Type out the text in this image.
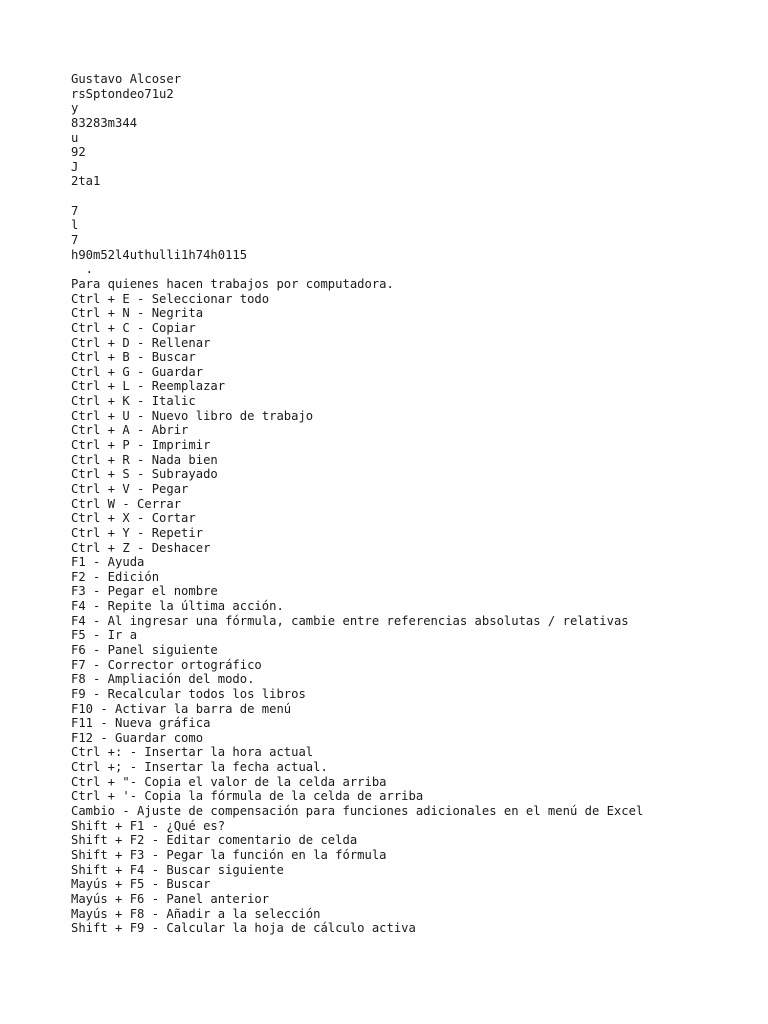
Gustavo Alcoser
rsSptondeo71u2
y
83283m344
u
92
J
2ta1
7
l
7
h90m52l4uthulli1h74h0115
.
Para quienes hacen trabajos por computadora.
Ctrl + E - Seleccionar todo
Ctrl + N - Negrita
Ctrl + C - Copiar
Ctrl + D - Rellenar
Ctrl + B - Buscar
Ctrl + G - Guardar
Ctrl + L - Reemplazar
Ctrl + K - Italic
Ctrl + U - Nuevo libro de trabajo
Ctrl + A - Abrir
Ctrl + P - Imprimir
Ctrl + R - Nada bien
Ctrl + S - Subrayado
Ctrl + V - Pegar
Ctrl W - Cerrar
Ctrl + X - Cortar
Ctrl + Y - Repetir
Ctrl + Z - Deshacer
F1 - Ayuda
F2 - Edición
F3 - Pegar el nombre
F4 - Repite la última acción.
F4 - Al ingresar una fórmula, cambie entre referencias absolutas / relativas
F5 - Ir a
F6 - Panel siguiente
F7 - Corrector ortográfico
F8 - Ampliación del modo.
F9 - Recalcular todos los libros
F10 - Activar la barra de menú
F11 - Nueva gráfica
F12 - Guardar como
Ctrl +: - Insertar la hora actual
Ctrl +; - Insertar la fecha actual.
Ctrl + "- Copia el valor de la celda arriba
Ctrl + '- Copia la fórmula de la celda de arriba
Cambio - Ajuste de compensación para funciones adicionales en el menú de Excel
Shift + F1 - ¿Qué es?
Shift + F2 - Editar comentario de celda
Shift + F3 - Pegar la función en la fórmula
Shift + F4 - Buscar siguiente
Mayús + F5 - Buscar
Mayús + F6 - Panel anterior
Mayús + F8 - Añadir a la selección
Shift + F9 - Calcular la hoja de cálculo activa
